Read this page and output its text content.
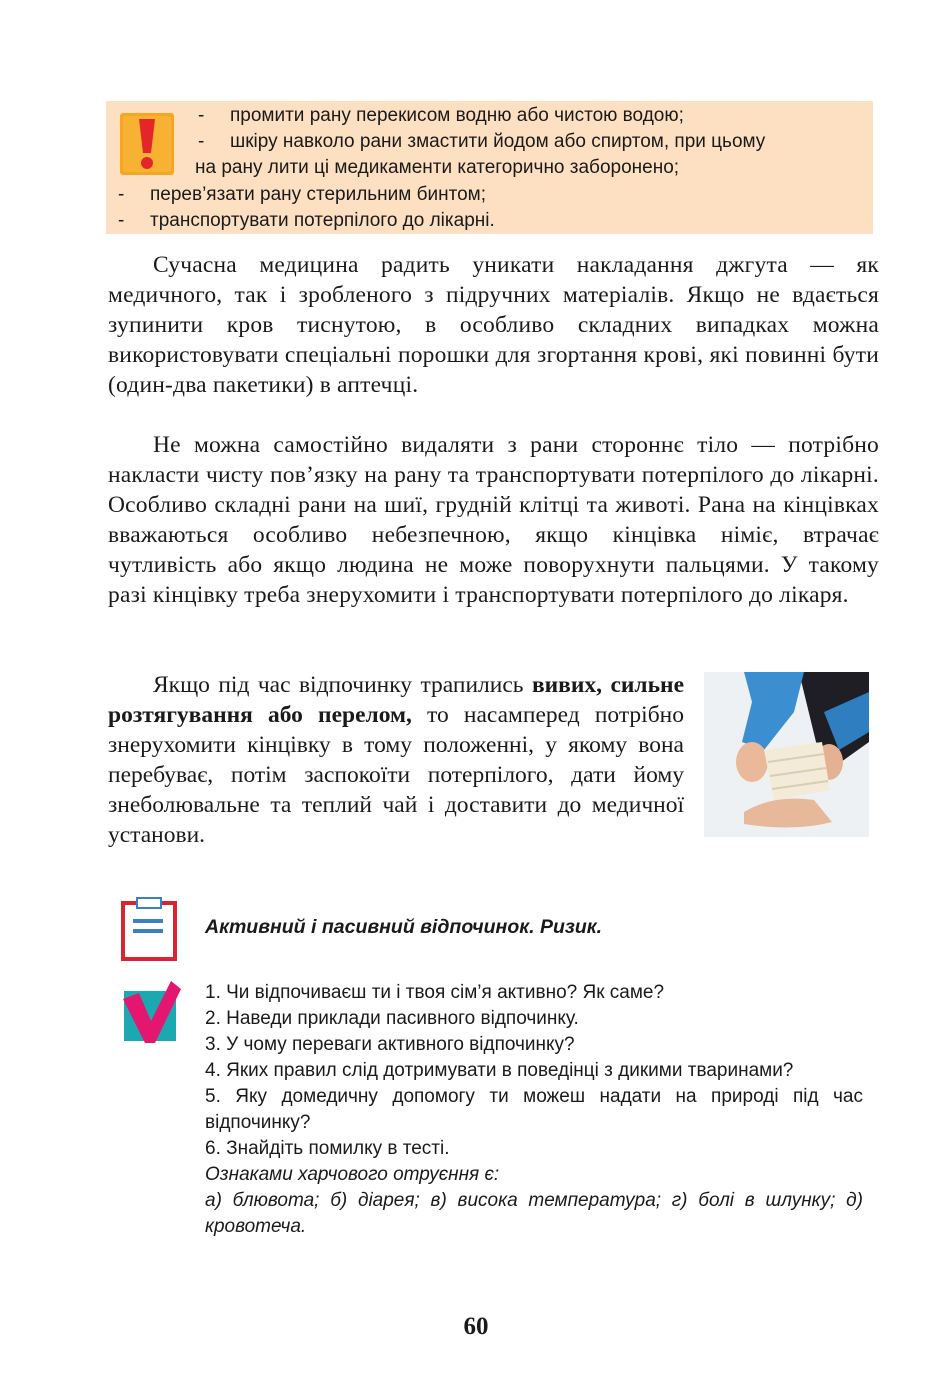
- промити рану перекисом водню або чистою водою;
- шкіру навколо рани змастити йодом або спиртом, при цьому
на рану лити ці медикаменти категорично заборонено;
- перев’язати рану стерильним бинтом;
- транспортувати потерпілого до лікарні.

Сучасна медицина радить уникати накладання джгута — як медичного, так і зробленого з підручних матеріалів. Якщо не вдається зупинити кров тиснутою, в особливо складних випадках можна використовувати спеціальні порошки для згортання крові, які повинні бути (один-два пакетики) в аптечці.

Не можна самостійно видаляти з рани стороннє тіло — потрібно накласти чисту пов’язку на рану та транспортувати потерпілого до лікарні. Особливо складні рани на шиї, грудній клітці та животі. Рана на кінцівках вважаються особливо небезпечною, якщо кінцівка німіє, втрачає чутливість або якщо людина не може поворухнути пальцями. У такому разі кінцівку треба знерухомити і транспортувати потерпілого до лікаря.

Якщо під час відпочинку трапились вивих, сильне розтягування або перелом, то насамперед потрібно знерухомити кінцівку в тому положенні, у якому вона перебуває, потім заспокоїти потерпілого, дати йому знеболювальне та теплий чай і доставити до медичної установи.

Активний і пасивний відпочинок. Ризик.
1. Чи відпочиваєш ти і твоя сім’я активно? Як саме?
2. Наведи приклади пасивного відпочинку.
3. У чому переваги активного відпочинку?
4. Яких правил слід дотримувати в поведінці з дикими тваринами?
5. Яку домедичну допомогу ти можеш надати на природі під час відпочинку?
6. Знайдіть помилку в тесті.
Ознаками харчового отруєння є:
а) блювота; б) діарея; в) висока температура; г) болі в шлунку; д) кровотеча.
60
